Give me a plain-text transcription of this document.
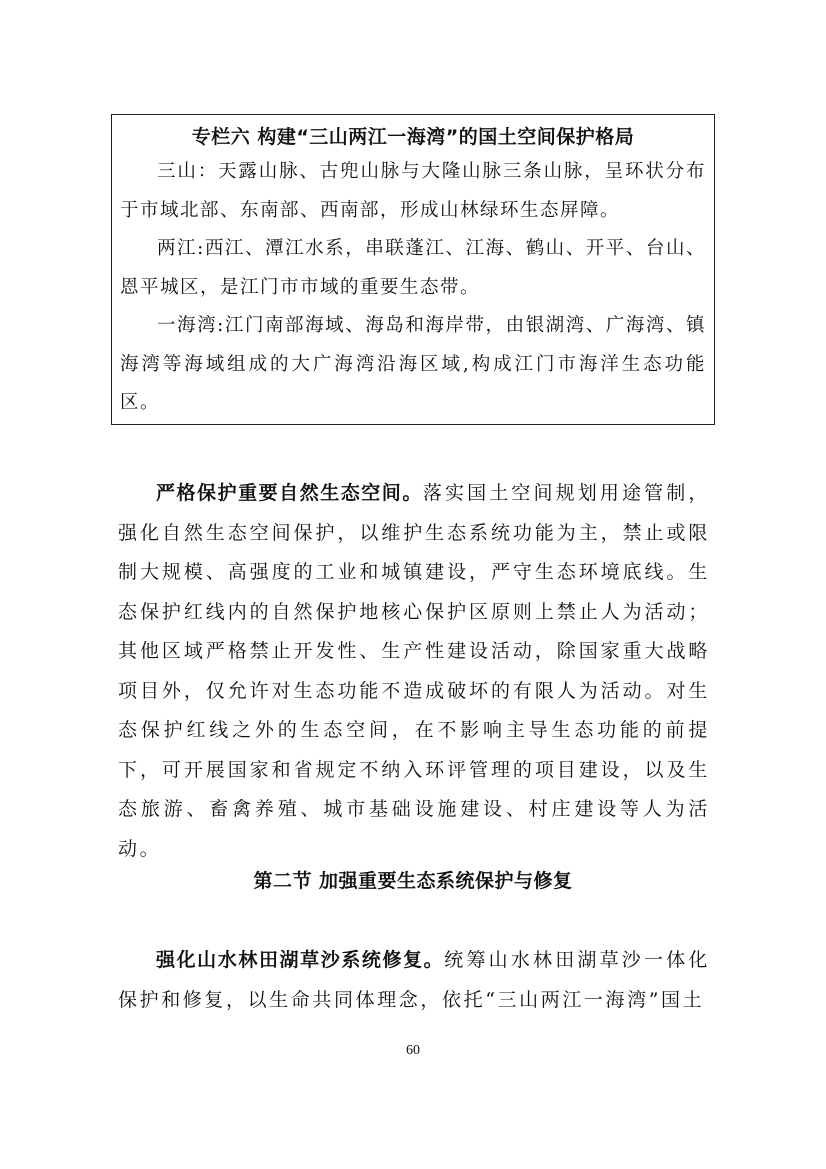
专栏六 构建“三山两江一海湾”的国土空间保护格局

三山：天露山脉、古兜山脉与大隆山脉三条山脉，呈环状分布于市域北部、东南部、西南部，形成山林绿环生态屏障。

两江:西江、潭江水系，串联蓬江、江海、鹤山、开平、台山、恩平城区，是江门市市域的重要生态带。

一海湾:江门南部海域、海岛和海岸带，由银湖湾、广海湾、镇海湾等海域组成的大广海湾沿海区域,构成江门市海洋生态功能区。

严格保护重要自然生态空间。落实国土空间规划用途管制，强化自然生态空间保护，以维护生态系统功能为主，禁止或限制大规模、高强度的工业和城镇建设，严守生态环境底线。生态保护红线内的自然保护地核心保护区原则上禁止人为活动；其他区域严格禁止开发性、生产性建设活动，除国家重大战略项目外，仅允许对生态功能不造成破坏的有限人为活动。对生态保护红线之外的生态空间，在不影响主导生态功能的前提下，可开展国家和省规定不纳入环评管理的项目建设，以及生态旅游、畜禽养殖、城市基础设施建设、村庄建设等人为活动。

第二节 加强重要生态系统保护与修复

强化山水林田湖草沙系统修复。统筹山水林田湖草沙一体化保护和修复，以生命共同体理念，依托“三山两江一海湾”国土

60
